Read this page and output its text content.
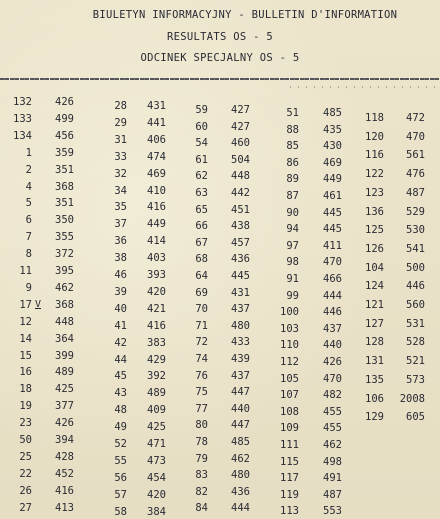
BIULETYN INFORMACYJNY - BULLETIN D'INFORMATION
RESULTATS OS - 5
ODCINEK SPECJALNY OS - 5
132	426
133	499
134	456
1	359
2	351
4	368
5	351
6	350
7	355
8	372
11	395
9	462
17	368
12	448
14	364
15	399
16	489
18	425
19	377
23	426
50	394
25	428
22	452
26	416
27	413
28	431
29	441
31	406
33	474
32	469
34	410
35	416
37	449
36	414
38	403
46	393
39	420
40	421
41	416
42	383
44	429
45	392
43	489
48	409
49	425
52	471
55	473
56	454
57	420
58	384
59	427
60	427
54	460
61	504
62	448
63	442
65	451
66	438
67	457
68	436
64	445
69	431
70	437
71	480
72	433
74	439
76	437
75	447
77	440
80	447
78	485
79	462
83	480
82	436
84	444
51	485
88	435
85	430
86	469
89	449
87	461
90	445
94	445
97	411
98	470
91	466
99	444
100	446
103	437
110	440
112	426
105	470
107	482
108	455
109	455
111	462
115	498
117	491
119	487
113	553
118	472
120	470
116	561
122	476
123	487
136	529
125	530
126	541
104	500
124	446
121	560
127	531
128	528
131	521
135	573
106	2008
129	605
V
